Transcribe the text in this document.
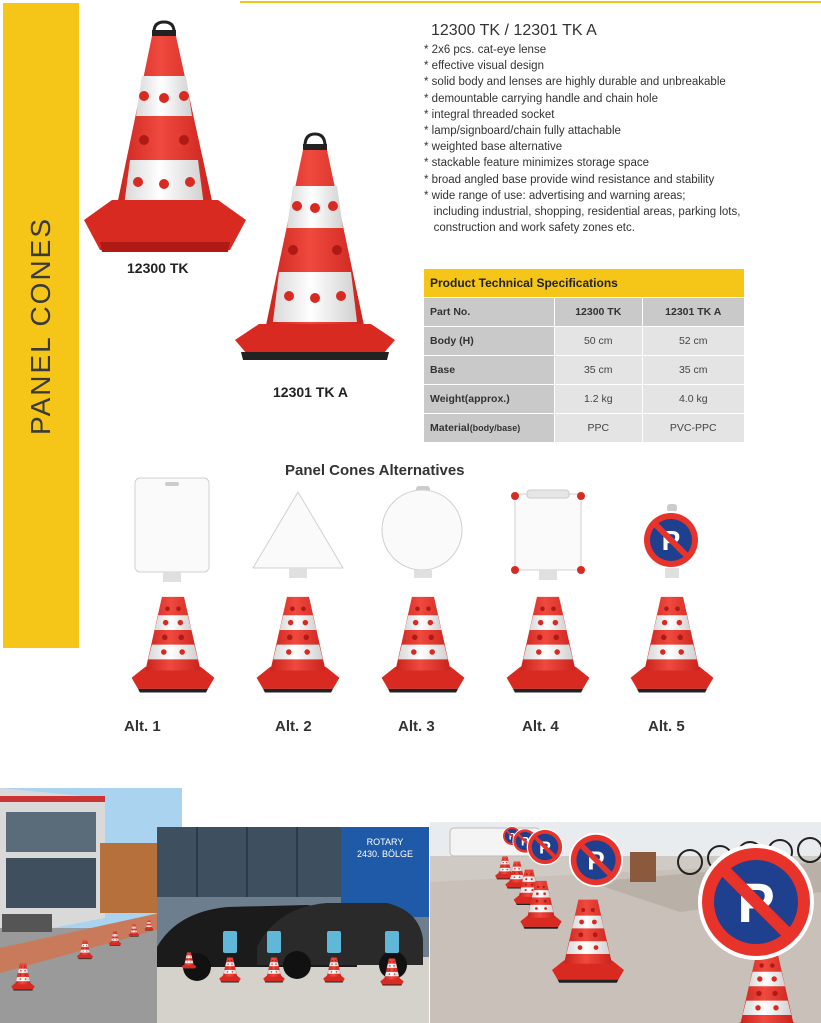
PANEL CONES	12300 TK
12301 TK A
12300 TK / 12301 TK A
* 2x6 pcs. cat-eye lense
* effective visual design
* solid body and lenses are highly durable and unbreakable
* demountable carrying handle and chain hole
* integral threaded socket
* lamp/signboard/chain fully attachable
* weighted base alternative
* stackable feature minimizes storage space
* broad angled base provide wind resistance and stability
* wide range of use: advertising and warning areas;
including industrial, shopping, residential areas, parking lots,
construction and work safety zones etc.
Product Technical Specifications		
Part No.	12300 TK	12301 TK A
Body (H)	50 cm	52 cm
Base	35 cm	35 cm
Weight(approx.)	1.2 kg	4.0 kg
Material(body/base)	PPC	PVC-PPC
Panel Cones Alternatives
Alt. 1	Alt. 2	Alt. 3	Alt. 4	Alt. 5
ROTARY
2430. BÖLGE
